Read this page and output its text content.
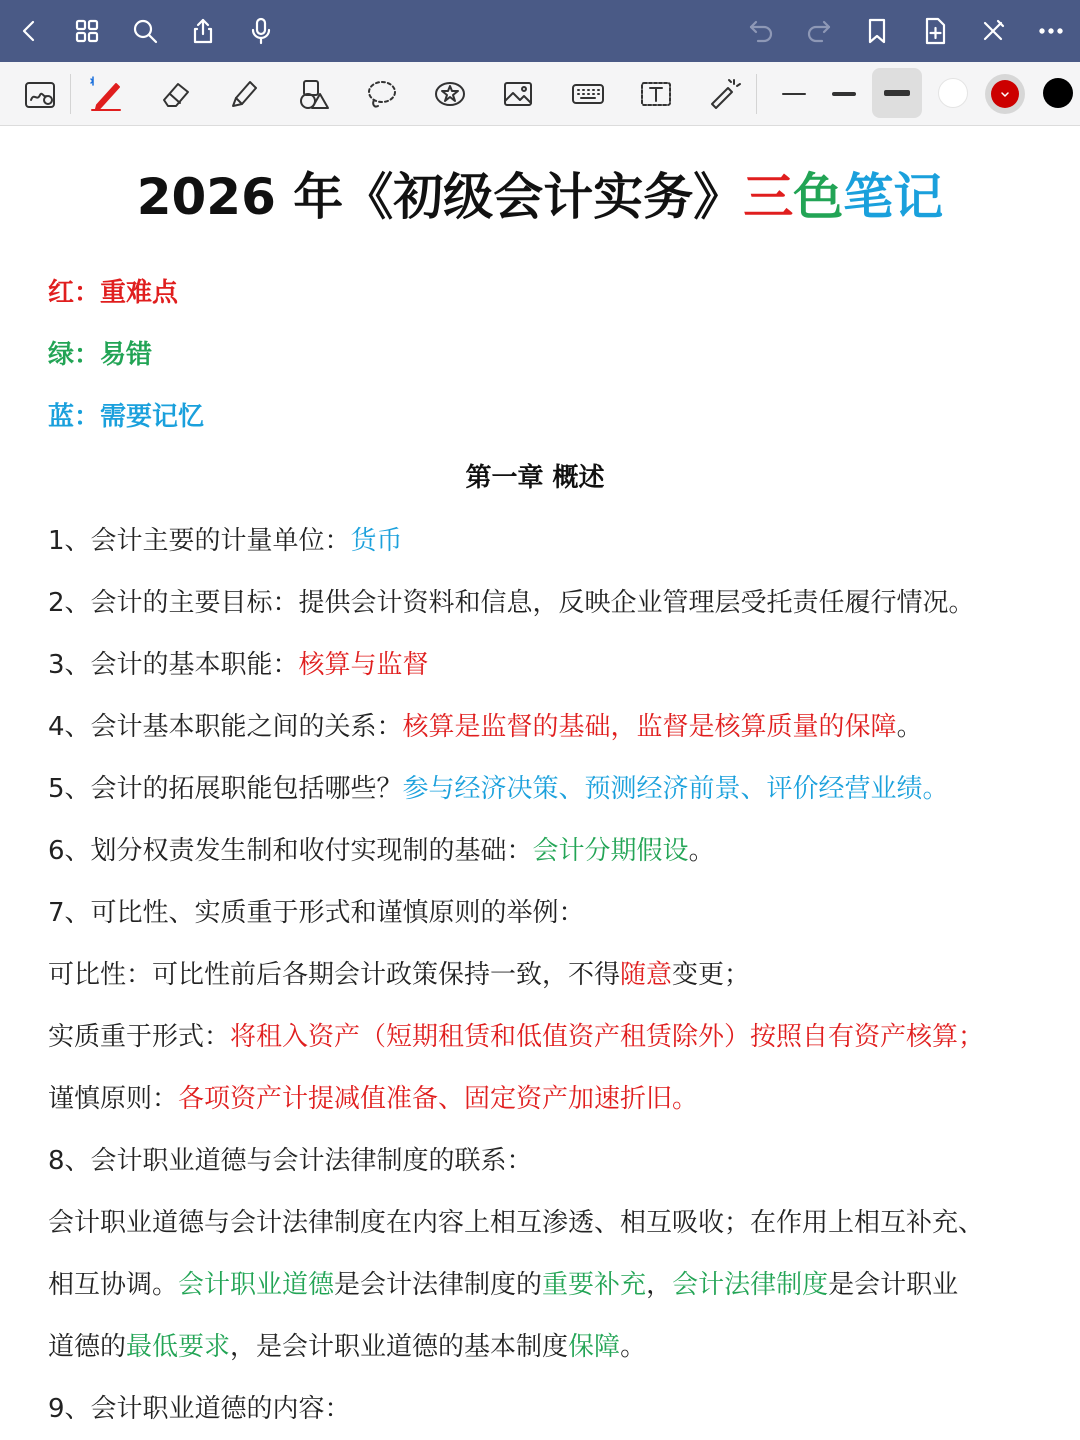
2026 年《初级会计实务》三色笔记
红：重难点
绿：易错
蓝：需要记忆
第一章 概述
1、会计主要的计量单位：货币
2、会计的主要目标：提供会计资料和信息，反映企业管理层受托责任履行情况。
3、会计的基本职能：核算与监督
4、会计基本职能之间的关系：核算是监督的基础，监督是核算质量的保障。
5、会计的拓展职能包括哪些？参与经济决策、预测经济前景、评价经营业绩。
6、划分权责发生制和收付实现制的基础：会计分期假设。
7、可比性、实质重于形式和谨慎原则的举例：
可比性：可比性前后各期会计政策保持一致，不得随意变更；
实质重于形式：将租入资产（短期租赁和低值资产租赁除外）按照自有资产核算；
谨慎原则：各项资产计提减值准备、固定资产加速折旧。
8、会计职业道德与会计法律制度的联系：
会计职业道德与会计法律制度在内容上相互渗透、相互吸收；在作用上相互补充、
相互协调。会计职业道德是会计法律制度的重要补充，会计法律制度是会计职业
道德的最低要求，是会计职业道德的基本制度保障。
9、会计职业道德的内容：
